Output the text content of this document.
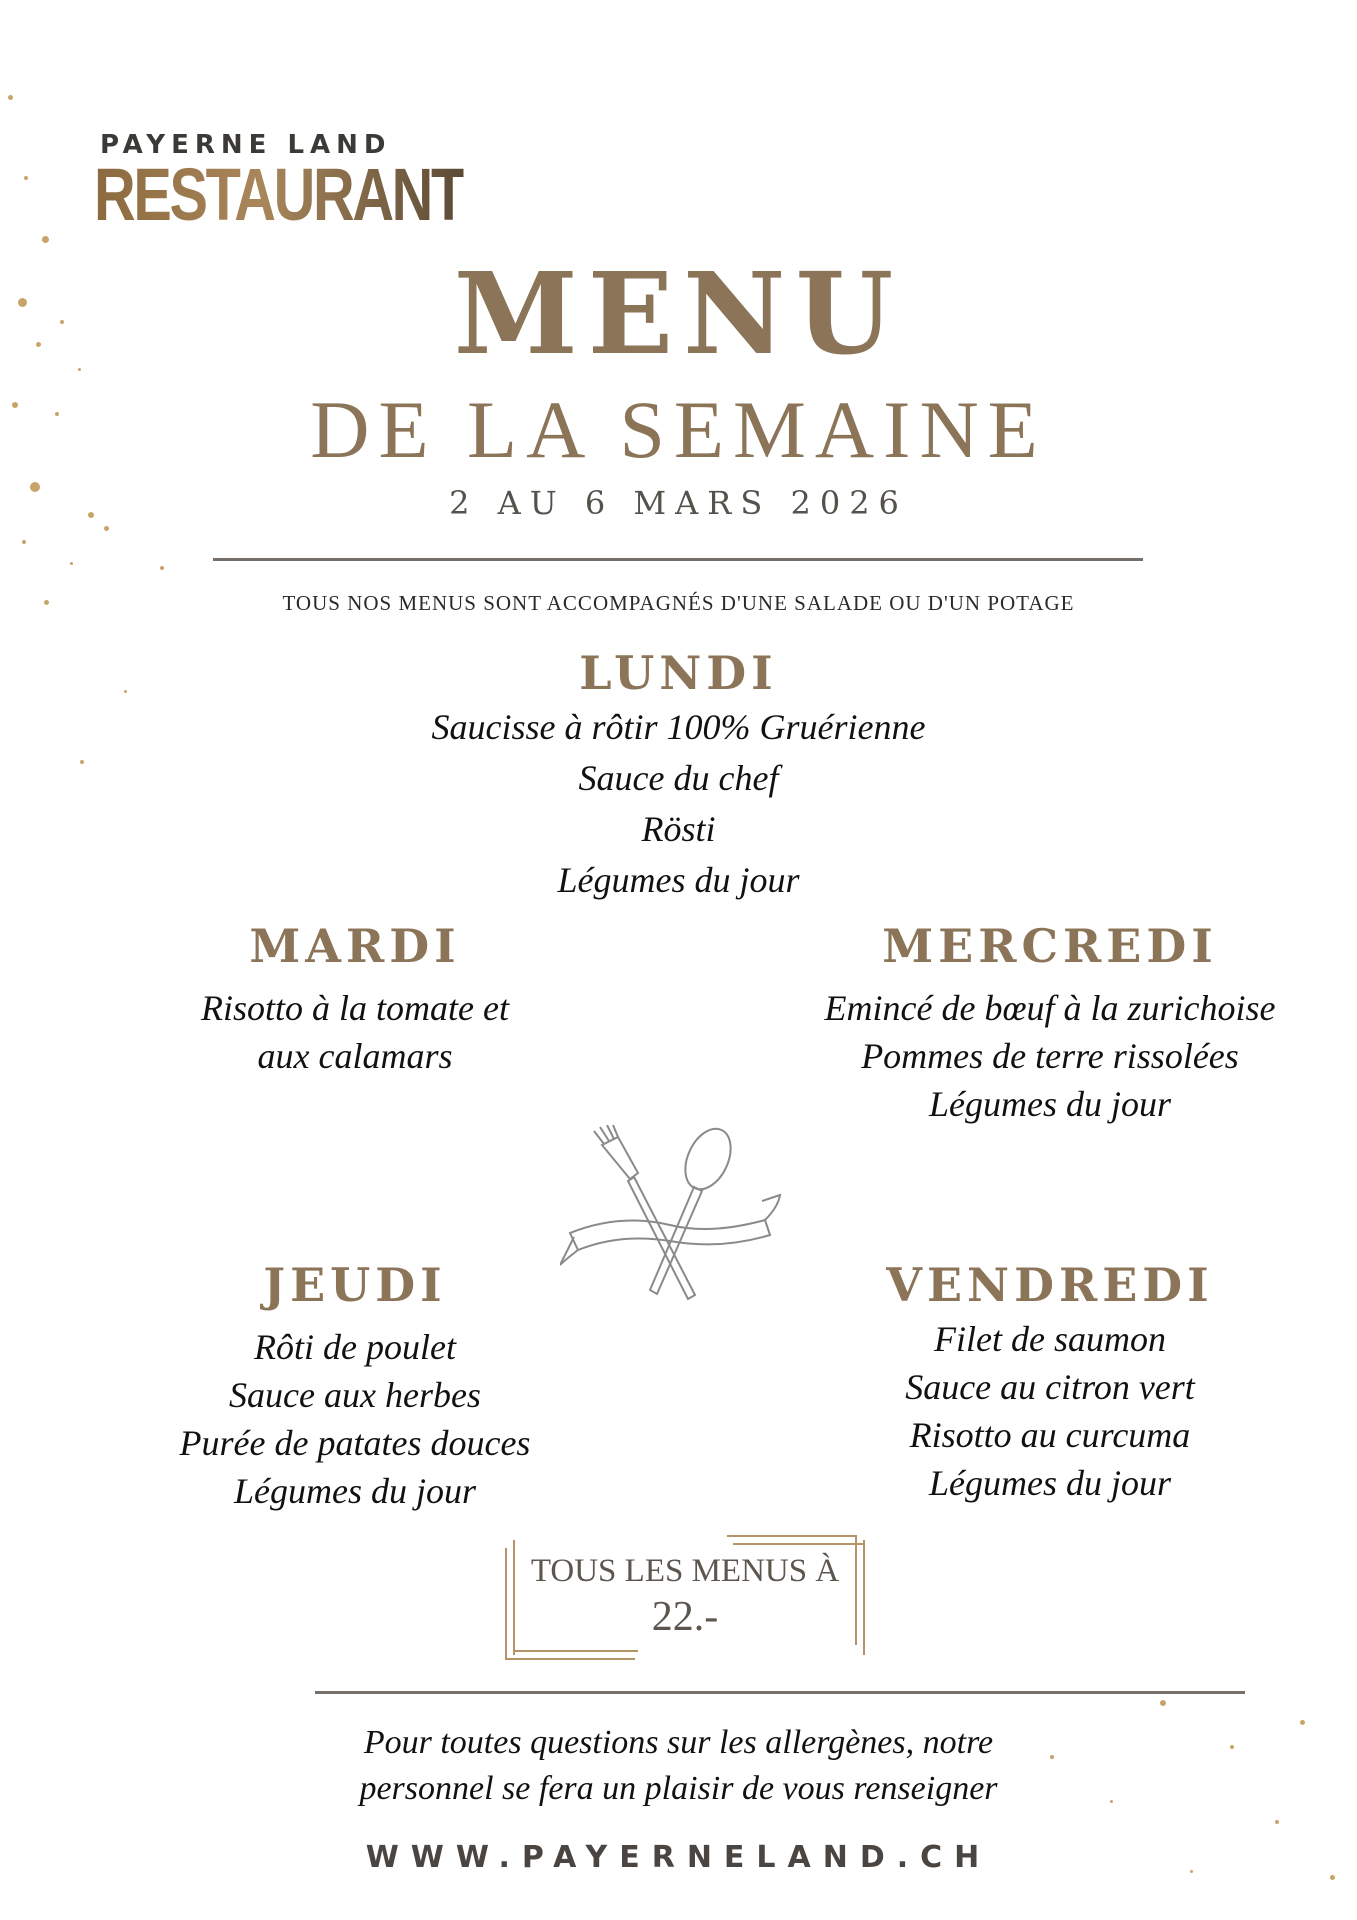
PAYERNE LAND
RESTAURANT
MENU
DE LA SEMAINE
2 AU 6 MARS 2026
TOUS NOS MENUS SONT ACCOMPAGNÉS D'UNE SALADE OU D'UN POTAGE
LUNDI
Saucisse à rôtir 100% Gruérienne
Sauce du chef
Rösti
Légumes du jour
MARDI
Risotto à la tomate et
aux calamars
MERCREDI
Emincé de bœuf à la zurichoise
Pommes de terre rissolées
Légumes du jour
JEUDI
Rôti de poulet
Sauce aux herbes
Purée de patates douces
Légumes du jour
VENDREDI
Filet de saumon
Sauce au citron vert
Risotto au curcuma
Légumes du jour
TOUS LES MENUS À
22.-
Pour toutes questions sur les allergènes, notre
personnel se fera un plaisir de vous renseigner
WWW.PAYERNELAND.CH
